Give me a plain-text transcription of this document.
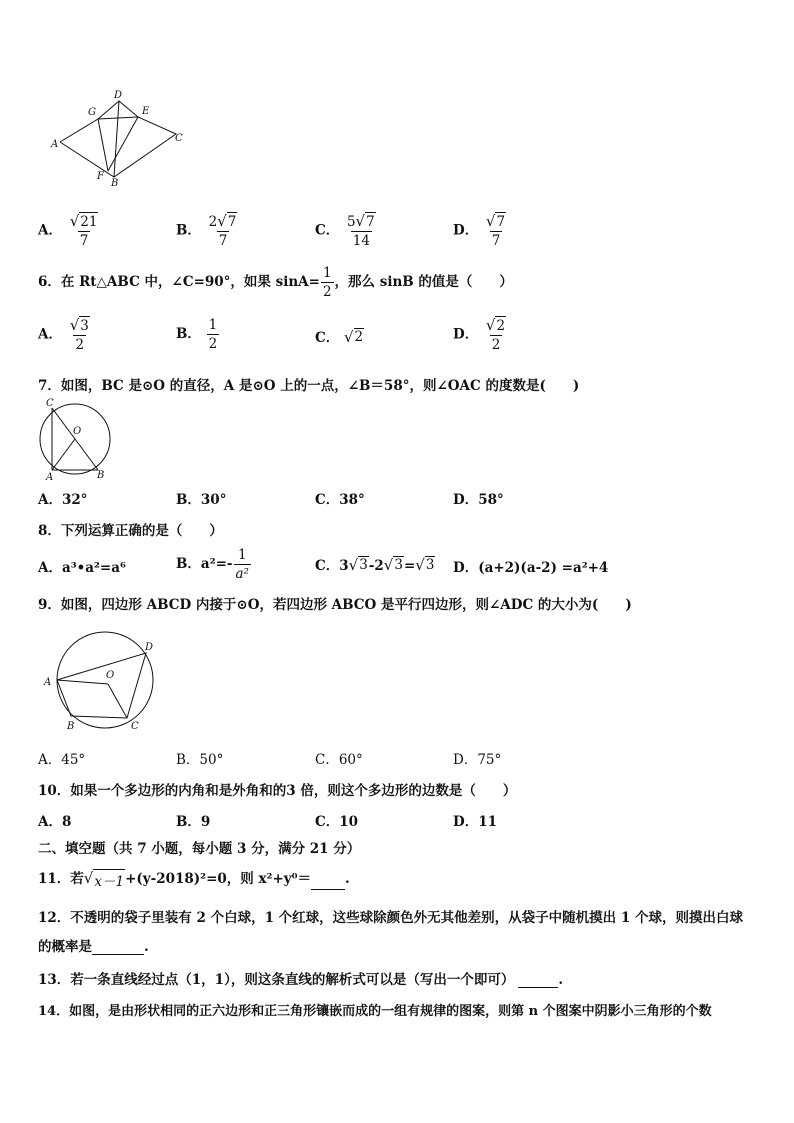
D
G	E
A
C
F
B
A． $\frac{√ 21}{7}$	B． $\frac{2 √ 7}{7}$	C． $\frac{5 √ 7}{14}$	D． $\frac{√ 7}{7}$
6．在 Rt△ABC 中，∠C=90°，如果 $\sin A= \frac{1}{2}$ ，那么 sinB 的值是（　　）
A． $\frac{√ 3}{2}$	B． $\frac{1}{2}$	C． √ 2	D． $\frac{√ 2}{2}$
7．如图，BC 是⊙O 的直径，A 是⊙O 上的一点，∠B＝58°，则∠OAC 的度数是(　　)
C
O
A	B
A．32°	B．30°	C．38°	D．58°
8．下列运算正确的是（　　）
A．a³•a²=a⁶	B．$a^2=- \frac{1}{\text{a²}}$	C．3 √ 3 -2 √ 3 = √ 3 D．(a+2)(a-2) =a²+4
9．如图，四边形 ABCD 内接于⊙O，若四边形 ABCO 是平行四边形，则∠ADC 的大小为(　　)
D
A
O
B	C
A．45°	B．50°	C．60°	D．75°
10．如果一个多边形的内角和是外角和的3 倍，则这个多边形的边数是（　　）
A．8	B．9	C．10	D．11
二、填空题（共 7 小题，每小题 3 分，满分 21 分）
11．若 √ x－1 +(y-2018)²=0，则 x²+y⁰＝	.
12．不透明的袋子里装有 2 个白球，1 个红球，这些球除颜色外无其他差别，从袋子中随机摸出 1 个球，则摸出白球
的概率是	.
13．若一条直线经过点（1，1），则这条直线的解析式可以是（写出一个即可）	.
14．如图，是由形状相同的正六边形和正三角形镶嵌而成的一组有规律的图案，则第 n 个图案中阴影小三角形的个数
